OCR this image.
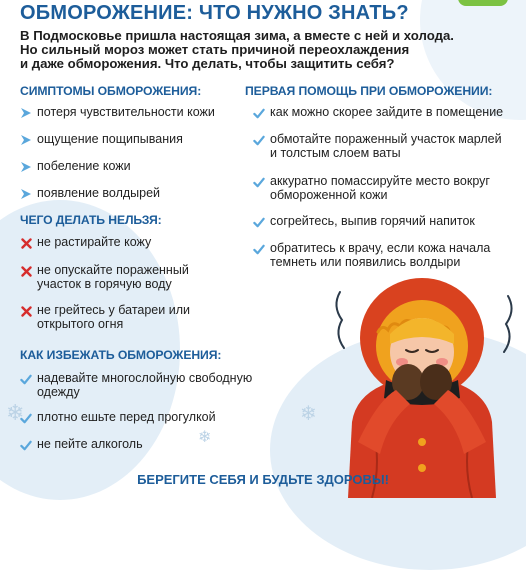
❄
❄
❄
ОБМОРОЖЕНИЕ: ЧТО НУЖНО ЗНАТЬ?
В Подмосковье пришла настоящая зима, а вместе с ней и холода.
Но сильный мороз может стать причиной переохлаждения
и даже обморожения. Что делать, чтобы защитить себя?
СИМПТОМЫ ОБМОРОЖЕНИЯ:
потеря чувствительности кожи
ощущение пощипывания
побеление кожи
появление волдырей
ЧЕГО ДЕЛАТЬ НЕЛЬЗЯ:
не растирайте кожу
не опускайте пораженный
участок в горячую воду
не грейтесь у батареи или
открытого огня
КАК ИЗБЕЖАТЬ ОБМОРОЖЕНИЯ:
надевайте многослойную свободную
одежду
плотно ешьте перед прогулкой
не пейте алкоголь
ПЕРВАЯ ПОМОЩЬ ПРИ ОБМОРОЖЕНИИ:
как можно скорее зайдите в помещение
обмотайте пораженный участок марлей
и толстым слоем ваты
аккуратно помассируйте место вокруг
обмороженной кожи
согрейтесь, выпив горячий напиток
обратитесь к врачу, если кожа начала
темнеть или появились волдыри
БЕРЕГИТЕ СЕБЯ И БУДЬТЕ ЗДОРОВЫ!
